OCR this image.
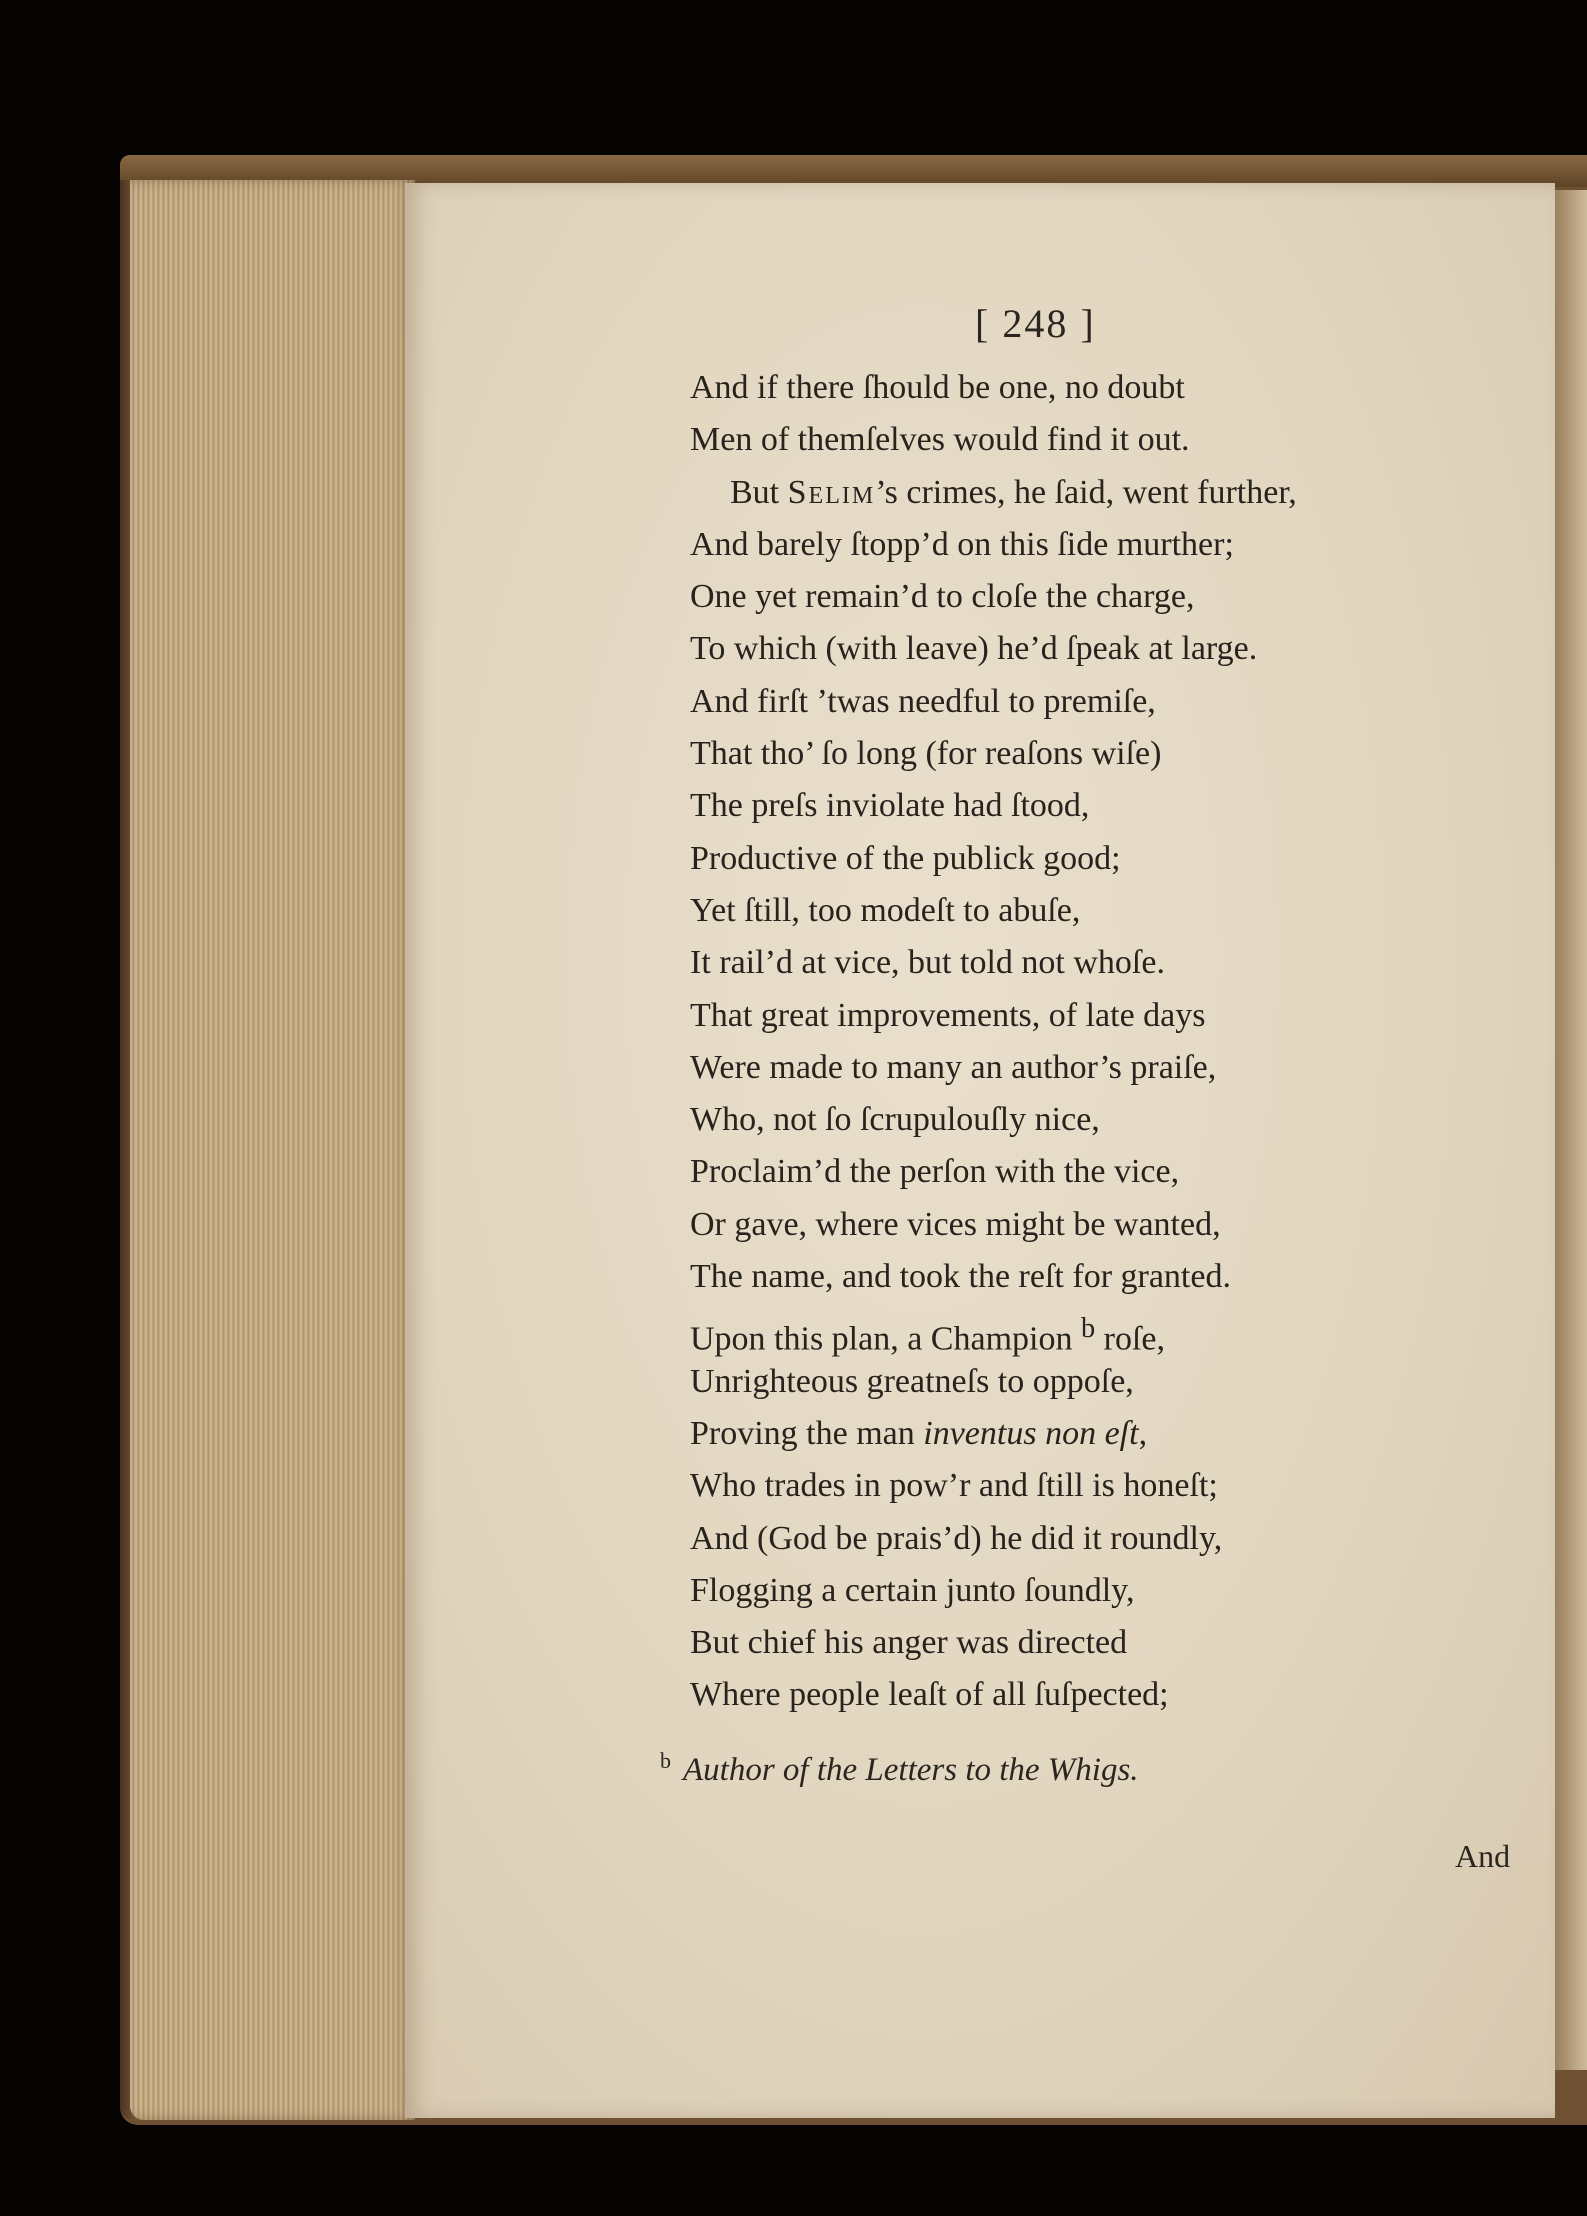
[ 248 ]
And if there ſhould be one, no doubt
Men of themſelves would find it out.
But Selim’s crimes, he ſaid, went further,
And barely ſtopp’d on this ſide murther;
One yet remain’d to cloſe the charge,
To which (with leave) he’d ſpeak at large.
And firſt ’twas needful to premiſe,
That tho’ ſo long (for reaſons wiſe)
The preſs inviolate had ſtood,
Productive of the publick good;
Yet ſtill, too modeſt to abuſe,
It rail’d at vice, but told not whoſe.
That great improvements, of late days
Were made to many an author’s praiſe,
Who, not ſo ſcrupulouſly nice,
Proclaim’d the perſon with the vice,
Or gave, where vices might be wanted,
The name, and took the reſt for granted.
Upon this plan, a Champion $^b$ roſe,
Unrighteous greatneſs to oppoſe,
Proving the man inventus non eſt,
Who trades in pow’r and ſtill is honeſt;
And (God be prais’d) he did it roundly,
Flogging a certain junto ſoundly,
But chief his anger was directed
Where people leaſt of all ſuſpected;
$^b$ Author of the Letters to the Whigs.
And
